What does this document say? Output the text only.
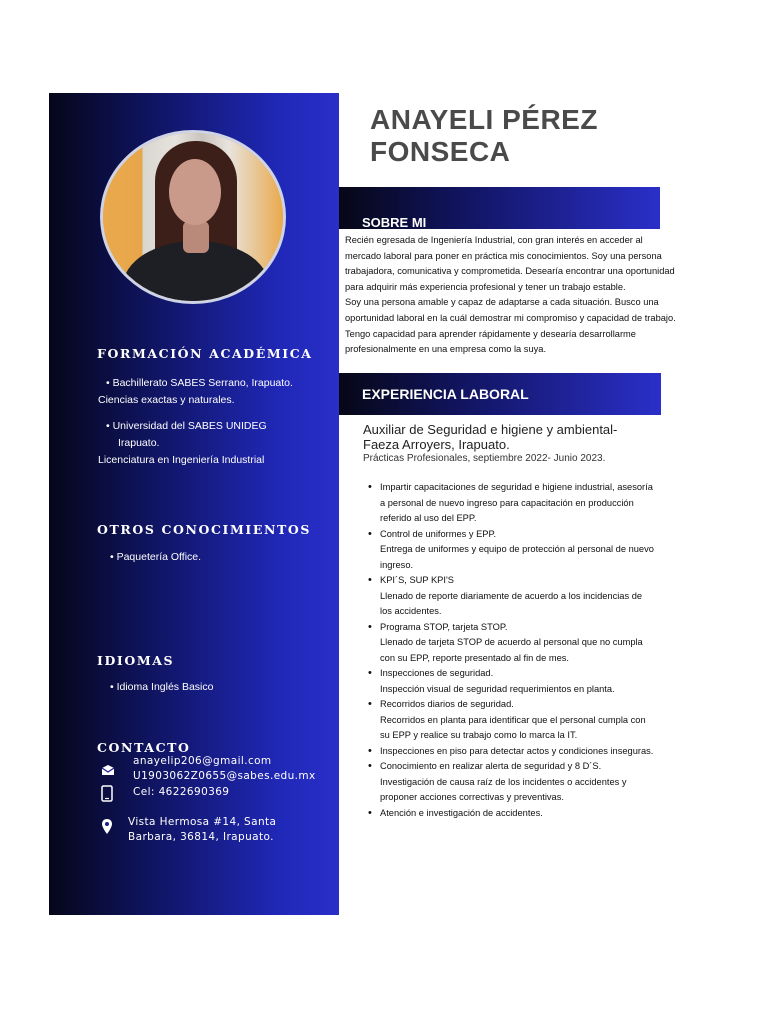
FORMACIÓN ACADÉMICA

• Bachillerato SABES Serrano, Irapuato.

Ciencias exactas y naturales.

• Universidad del SABES UNIDEG

Irapuato.

Licenciatura en Ingeniería Industrial

OTROS CONOCIMIENTOS

• Paquetería Office.

IDIOMAS

• Idioma Inglés Basico

CONTACTO
anayelip206@gmail.com
U1903062Z0655@sabes.edu.mx
Cel: 4622690369
Vista Hermosa #14, Santa
Barbara, 36814, Irapuato.
ANAYELI PÉREZ
FONSECA
SOBRE MI
Recién egresada de Ingeniería Industrial, con gran interés en acceder al mercado laboral para poner en práctica mis conocimientos. Soy una persona trabajadora, comunicativa y comprometida. Desearía encontrar una oportunidad para adquirir más experiencia profesional y tener un trabajo estable.
Soy una persona amable y capaz de adaptarse a cada situación. Busco una oportunidad laboral en la cuál demostrar mi compromiso y capacidad de trabajo. Tengo capacidad para aprender rápidamente y desearía desarrollarme profesionalmente en una empresa como la suya.
EXPERIENCIA LABORAL

Auxiliar de Seguridad e higiene y ambiental- Faeza Arroyers, Irapuato.

Prácticas Profesionales, septiembre 2022- Junio 2023.

• Impartir capacitaciones de seguridad e higiene industrial, asesoría a personal de nuevo ingreso para capacitación en producción referido al uso del EPP.
• Control de uniformes y EPP.
Entrega de uniformes y equipo de protección al personal de nuevo ingreso.
• KPI´S, SUP KPI'S
Llenado de reporte diariamente de acuerdo a los incidencias de los accidentes.
• Programa STOP, tarjeta STOP.
Llenado de tarjeta STOP de acuerdo al personal que no cumpla con su EPP, reporte presentado al fin de mes.
• Inspecciones de seguridad.
Inspección visual de seguridad requerimientos en planta.
• Recorridos diarios de seguridad.
Recorridos en planta para identificar que el personal cumpla con su EPP y realice su trabajo como lo marca la IT.
• Inspecciones en piso para detectar actos y condiciones inseguras.
• Conocimiento en realizar alerta de seguridad y 8 D´S.
Investigación de causa raíz de los incidentes o accidentes y proponer acciones correctivas y preventivas.
• Atención e investigación de accidentes.
